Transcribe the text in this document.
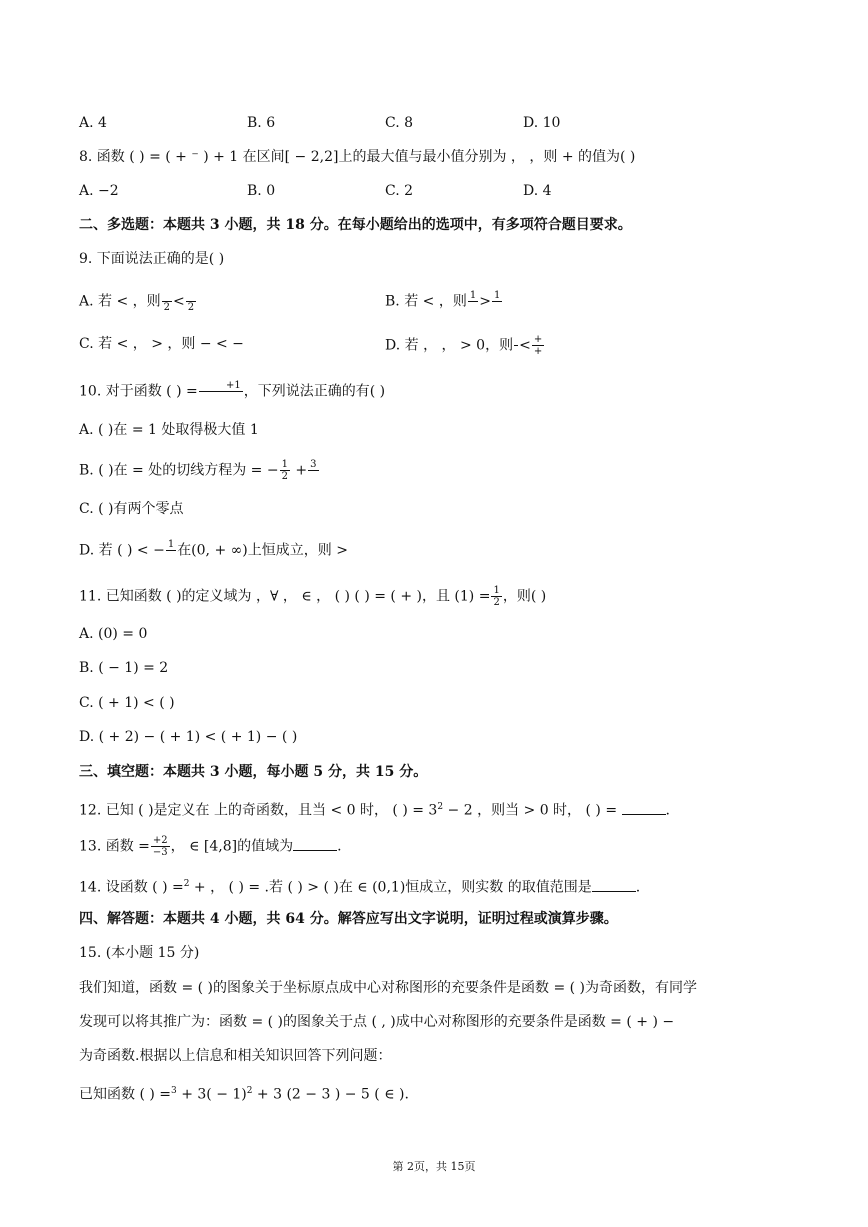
A. 4	B. 6	C. 8	D. 10
8. 函数 ( ) = ( + ⁻ ) + 1 在区间[ − 2,2]上的最大值与最小值分别为 ， ，则 + 的值为( )
A. −2	B. 0	C. 2	D. 4
二、多选题：本题共 3 小题，共 18 分。在每小题给出的选项中，有多项符合题目要求。
9. 下面说法正确的是( )
A. 若 < ，则 2 < 2	B. 若 < ，则 1 > 1
C. 若 < ， > ，则 − < −	D. 若 ， ， > 0，则 < $\frac{+}{+}$
10. 对于函数 ( ) =	+1 ，下列说法正确的有( )
A. ( )在 = 1 处取得极大值 1
B. ( )在 = 处的切线方程为 = − $\frac{1}{2} + 3$
C. ( )有两个零点
D. 若 ( ) < − 1 在(0, + ∞)上恒成立，则 >
11. 已知函数 ( )的定义域为 ，∀ ， ∈ ， ( ) ( ) = ( + )，且 $(1) = \frac{1}{2}$ ，则( )
A. (0) = 0
B. ( − 1) = 2
C. ( + 1) < ( )
D. ( + 2) − ( + 1) < ( + 1) − ( )
三、填空题：本题共 3 小题，每小题 5 分，共 15 分。
12. 已知 ( )是定义在 上的奇函数，且当 < 0 时， ( ) = $3^2 - 2$ ，则当 > 0 时， ( ) =	.
13. 函数 = $\frac{+2}{-3}$ ， ∈ [4,8]的值域为	.
14. 设函数 ( ) =$^2$ + ， ( ) = .若 ( ) > ( )在 ∈ (0,1)恒成立，则实数 的取值范围是	.
四、解答题：本题共 4 小题，共 64 分。解答应写出文字说明，证明过程或演算步骤。
15. (本小题 15 分)
我们知道，函数 = ( )的图象关于坐标原点成中心对称图形的充要条件是函数 = ( )为奇函数，有同学
发现可以将其推广为：函数 = ( )的图象关于点 ( , )成中心对称图形的充要条件是函数 = ( + ) −
为奇函数.根据以上信息和相关知识回答下列问题：
已知函数 ( ) $=^3 + 3( - 1)^2 + 3$ (2 − 3 ) − 5 ( ∈ ).
第 2页，共 15页
